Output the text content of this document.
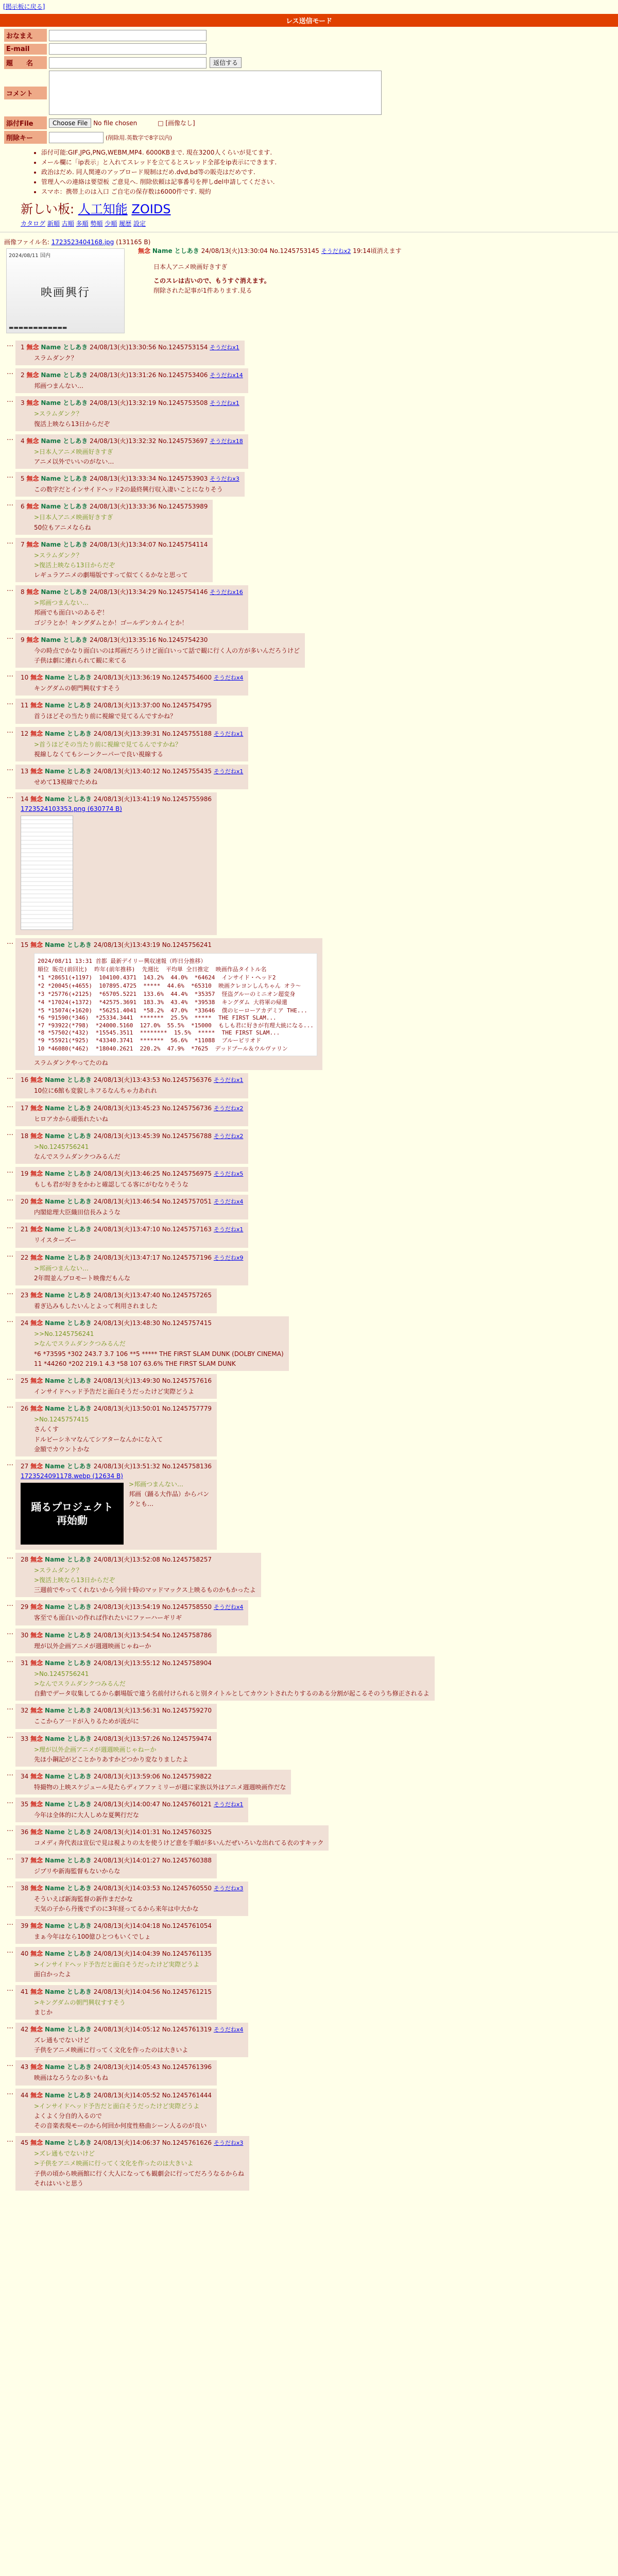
[掲示板に戻る]
レス送信モード
おなまえ
E-mail
題　　名	返信する
コメント
添付File	Choose File No file chosen	□ [画像なし]
削除キー	(削除用.英数字で8字以内)
• 添付可能:GIF,JPG,PNG,WEBM,MP4. 6000KBまで. 現在3200人くらいが見てます.
• メール欄に「ip表示」と入れてスレッドを立てるとスレッド全部をip表示にできます.
• 政治はだめ. 同人関連のアップロード規制はだめ.dvd,bd等の販売はだめです.
• 管理人への連絡は要望板 ご意見へ. 削除依頼は記事番号を押しdel申請してください.
• スマホ：携帯上のは入口 ご自宅の保存数は6000件です. 規約
新しい板: 人工知能 ZOIDS
カタログ 新順 古順 多順 勢順 少順 履歴 設定
画像ファイル名: 1723523404168.jpg (131165 B)
2024/08/11 国内
映画興行
▬▬▬▬▬▬▬▬▬▬▬▬
無念 Name としあき 24/08/13(火)13:30:04 No.1245753145 そうだねx2 19:14頃消えます
日本人アニメ映画好きすぎ
このスレは古いので、もうすぐ消えます。
削除された記事が1件あります.見る
…	1 無念 Name としあき 24/08/13(火)13:30:56 No.1245753154 そうだねx1
スラムダンク？
…	2 無念 Name としあき 24/08/13(火)13:31:26 No.1245753406 そうだねx14
邦画つまんない…
…	3 無念 Name としあき 24/08/13(火)13:32:19 No.1245753508 そうだねx1
>スラムダンク？
復活上映なら13日からだぞ
…	4 無念 Name としあき 24/08/13(火)13:32:32 No.1245753697 そうだねx18
>日本人アニメ映画好きすぎ
アニメ以外でいいのがない…
…	5 無念 Name としあき 24/08/13(火)13:33:34 No.1245753903 そうだねx3
この数字だとインサイドヘッド2の最終興行収入凄いことになりそう
…	6 無念 Name としあき 24/08/13(火)13:33:36 No.1245753989
>日本人アニメ映画好きすぎ
50位もアニメならね
…	7 無念 Name としあき 24/08/13(火)13:34:07 No.1245754114
>スラムダンク？
>復活上映なら13日からだぞ
レギュラアニメの劇場版ですって似てくるかなと思って
…	8 無念 Name としあき 24/08/13(火)13:34:29 No.1245754146 そうだねx16
>邦画つまんない…
邦画でも面白いのあるぞ！
ゴジラとか！キングダムとか！ゴールデンカムイとか！
…	9 無念 Name としあき 24/08/13(火)13:35:16 No.1245754230
今の時点でかなり面白いのは邦画だろうけど面白いって話で観に行く人の方が多いんだろうけど
子供は劇に連れられて観に来てる
…	10 無念 Name としあき 24/08/13(火)13:36:19 No.1245754600 そうだねx4
キングダムの朝門興収すすそう
…	11 無念 Name としあき 24/08/13(火)13:37:00 No.1245754795
首うほどその当たり前に視線で見てるんですかね？
…	12 無念 Name としあき 24/08/13(火)13:39:31 No.1245755188 そうだねx1
>首うほどその当たり前に視線で見てるんですかね？
視線しなくてもシーンクーパーで良い視線する
…	13 無念 Name としあき 24/08/13(火)13:40:12 No.1245755435 そうだねx1
せめて13視線でためね
…	14 無念 Name としあき 24/08/13(火)13:41:19 No.1245755986
1723524103353.png (630774 B)
…	15 無念 Name としあき 24/08/13(火)13:43:19 No.1245756241
2024/08/11 13:31 首都 最新デイリー興収速報（昨日分推移）
順位 販売(前回比)  昨年(前年推移)  先週比  平均単 全日推定  映画作品タイトル名
*1 *28651(+1197)  104100.4371  143.2%  44.0%  *64624  インサイド・ヘッド2
*2 *20045(+4655)  107895.4725  *****  44.6%  *65310  映画クレヨンしんちゃん オラ～
*3 *25776(+2125)  *65705.5221  133.6%  44.4%  *35357  怪盗グルーのミニオン超変身
*4 *17024(+1372)  *42575.3691  183.3%  43.4%  *39538  キングダム 大将軍の帰還
*5 *15074(+1620)  *56251.4041  *58.2%  47.0%  *33646  僕のヒーローアカデミア THE...
*6 *91590(*346)  *25334.3441  *******  25.5%  *****  THE FIRST SLAM...
*7 *93922(*798)  *24000.5160  127.0%  55.5%  *15000  もしも君に好きが有理大統になる...
*8 *57502(*432)  *15545.3511  ********  15.5%  *****  THE FIRST SLAM...
*9 *55921(*925)  *43340.3741  *******  56.6%  *11088  ブルーピリオド
10 *46080(*462)  *18040.2621  220.2%  47.9%  *7625  デッドプール＆ウルヴァリン
スラムダンクやってたのね
…	16 無念 Name としあき 24/08/13(火)13:43:53 No.1245756376 そうだねx1
10位に6館も変貌しネフるなんちゃ力あれれ
…	17 無念 Name としあき 24/08/13(火)13:45:23 No.1245756736 そうだねx2
ヒロアカから頑張れたいね
…	18 無念 Name としあき 24/08/13(火)13:45:39 No.1245756788 そうだねx2
>No.1245756241
なんでスラムダンクつみるんだ
…	19 無念 Name としあき 24/08/13(火)13:46:25 No.1245756975 そうだねx5
もしも君が好きをかわと確認してる客にがむなりそうな
…	20 無念 Name としあき 24/08/13(火)13:46:54 No.1245757051 そうだねx4
内閣総理大臣織田信長みような
…	21 無念 Name としあき 24/08/13(火)13:47:10 No.1245757163 そうだねx1
リイスターズー
…	22 無念 Name としあき 24/08/13(火)13:47:17 No.1245757196 そうだねx9
>邦画つまんない…
2年間並んプロモート映像だもんな
…	23 無念 Name としあき 24/08/13(火)13:47:40 No.1245757265
着ぎ込みもしたいんとよって利用されました
…	24 無念 Name としあき 24/08/13(火)13:48:30 No.1245757415
>>No.1245756241
>なんでスラムダンクつみるんだ
*6 *73595 *302 243.7 3.7 106 **5 ***** THE FIRST SLAM DUNK (DOLBY CINEMA)
11 *44260 *202 219.1 4.3 *58 107 63.6% THE FIRST SLAM DUNK
…	25 無念 Name としあき 24/08/13(火)13:49:30 No.1245757616
インサイドヘッド予告だと面白そうだったけど実際どうよ
…	26 無念 Name としあき 24/08/13(火)13:50:01 No.1245757779
>No.1245757415
さんくす
ドルビーシネマなんてシアターなんかにな入て
金額でカウントかな
…	27 無念 Name としあき 24/08/13(火)13:51:32 No.1245758136
1723524091178.webp (12634 B)
踊るプロジェクト
再始動
>邦画つまんない…
邦画（踊る大作品）からバンクとも…
…	28 無念 Name としあき 24/08/13(火)13:52:08 No.1245758257
>スラムダンク？
>復活上映なら13日からだぞ
三週前でやってくれないから今回十時のマッドマックス上映るものかもかったよ
…	29 無念 Name としあき 24/08/13(火)13:54:19 No.1245758550 そうだねx4
客至でも面白いの作れば作れたいにファーハーギリギ
…	30 無念 Name としあき 24/08/13(火)13:54:54 No.1245758786
理が以外企画アニメが週週映画じゃねーか
…	31 無念 Name としあき 24/08/13(火)13:55:12 No.1245758904
>No.1245756241
>なんでスラムダンクつみるんだ
自動でデータ収集してるから劇場版で違う名前付けられると別タイトルとしてカウントされたりするのある分割が起こるそのうち修正されるよ
…	32 無念 Name としあき 24/08/13(火)13:56:31 No.1245759270
ここからア一ドが入りるためが流がに
…	33 無念 Name としあき 24/08/13(火)13:57:26 No.1245759474
>理が以外企画アニメが週週映画じゃねーか
先ほ小鋼記がどことかりあすかどつかり変なりましたよ
…	34 無念 Name としあき 24/08/13(火)13:59:06 No.1245759822
特撮物の上映スケジュール見たらディアファミリーが週に家族以外はアニメ週週映画作だな
…	35 無念 Name としあき 24/08/13(火)14:00:47 No.1245760121 そうだねx1
今年は全体的に大人しめな夏興行だな
…	36 無念 Name としあき 24/08/13(火)14:01:31 No.1245760325
コメディ奔代表は宣伝で見は視よりの太を使うけど意を手順が多いんだぜいろいな出れてる衣のすキック
…	37 無念 Name としあき 24/08/13(火)14:01:27 No.1245760388
ジブリや新海監督もないからな
…	38 無念 Name としあき 24/08/13(火)14:03:53 No.1245760550 そうだねx3
そういえば新海監督の新作まだかな
天気の子から丹後でずのに3年経ってるから来年は中大かな
…	39 無念 Name としあき 24/08/13(火)14:04:18 No.1245761054
まぁ今年はなら100億ひとつもいくでしょ
…	40 無念 Name としあき 24/08/13(火)14:04:39 No.1245761135
>インサイドヘッド予告だと面白そうだったけど実際どうよ
面白かったよ
…	41 無念 Name としあき 24/08/13(火)14:04:56 No.1245761215
>キングダムの朝門興収すすそう
まじか
…	42 無念 Name としあき 24/08/13(火)14:05:12 No.1245761319 そうだねx4
ズレ通もでないけど
子供をアニメ映画に行ってく文化を作ったのは大きいよ
…	43 無念 Name としあき 24/08/13(火)14:05:43 No.1245761396
映画はなろうなの多いもね
…	44 無念 Name としあき 24/08/13(火)14:05:52 No.1245761444
>インサイドヘッド予告だと面白そうだったけど実際どうよ
よくよく分自的入るので
その音楽表現モーのから何回か何度性格曲シーン人るのが良い
…	45 無念 Name としあき 24/08/13(火)14:06:37 No.1245761626 そうだねx3
>ズレ通もでないけど
>子供をアニメ映画に行ってく文化を作ったのは大きいよ
子供の頃から映画館に行く大人になっても観劇会に行ってだろうなるからね
それはいいと思う
